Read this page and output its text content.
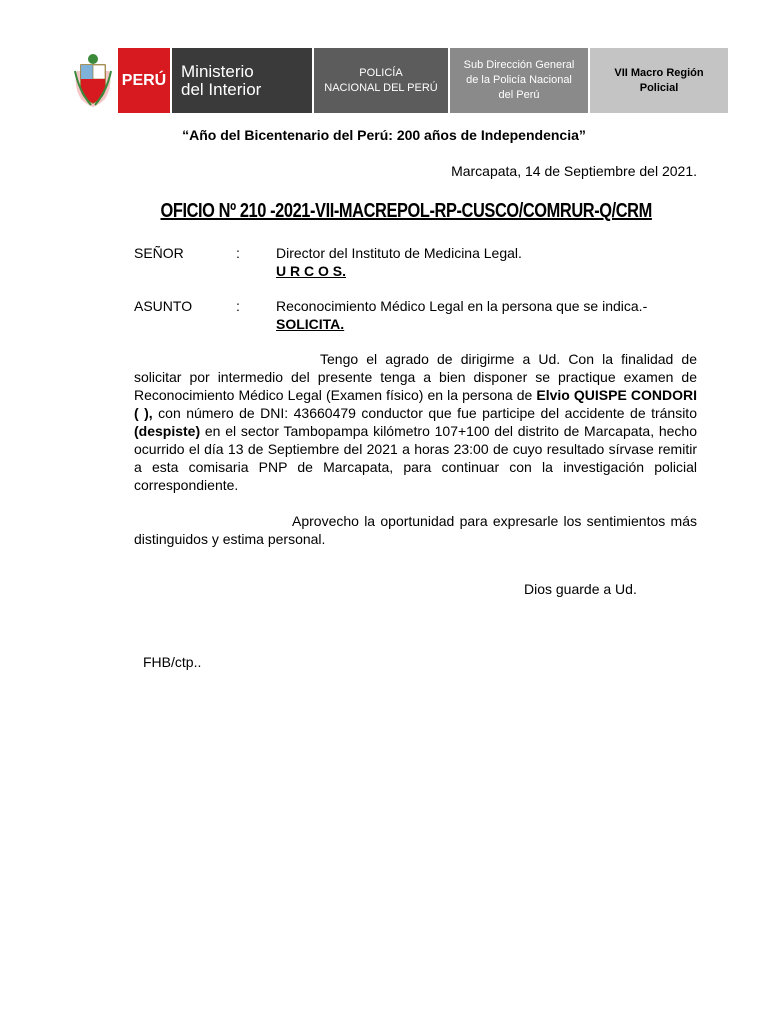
PERÚ Ministerio
del Interior
POLICÍA
NACIONAL DEL PERÚ
Sub Dirección General
de la Policía Nacional
del Perú
VII Macro Región
Policial
“Año del Bicentenario del Perú: 200 años de Independencia”
Marcapata, 14 de Septiembre del 2021.
OFICIO Nº 210 -2021-VII-MACREPOL-RP-CUSCO/COMRUR-Q/CRM
SEÑOR	:	Director del Instituto de Medicina Legal.
U R C O S.
ASUNTO	:	Reconocimiento Médico Legal en la persona que se indica.-
SOLICITA.

Tengo el agrado de dirigirme a Ud. Con la finalidad de solicitar por intermedio del presente tenga a bien disponer se practique examen de Reconocimiento Médico Legal (Examen físico) en la persona de Elvio QUISPE CONDORI ( ), con número de DNI: 43660479 conductor que fue participe del accidente de tránsito (despiste) en el sector Tambopampa kilómetro 107+100 del distrito de Marcapata, hecho ocurrido el día 13 de Septiembre del 2021 a horas 23:00 de cuyo resultado sírvase remitir a esta comisaria PNP de Marcapata, para continuar con la investigación policial correspondiente.

Aprovecho la oportunidad para expresarle los sentimientos más distinguidos y estima personal.

Dios guarde a Ud.
FHB/ctp..
